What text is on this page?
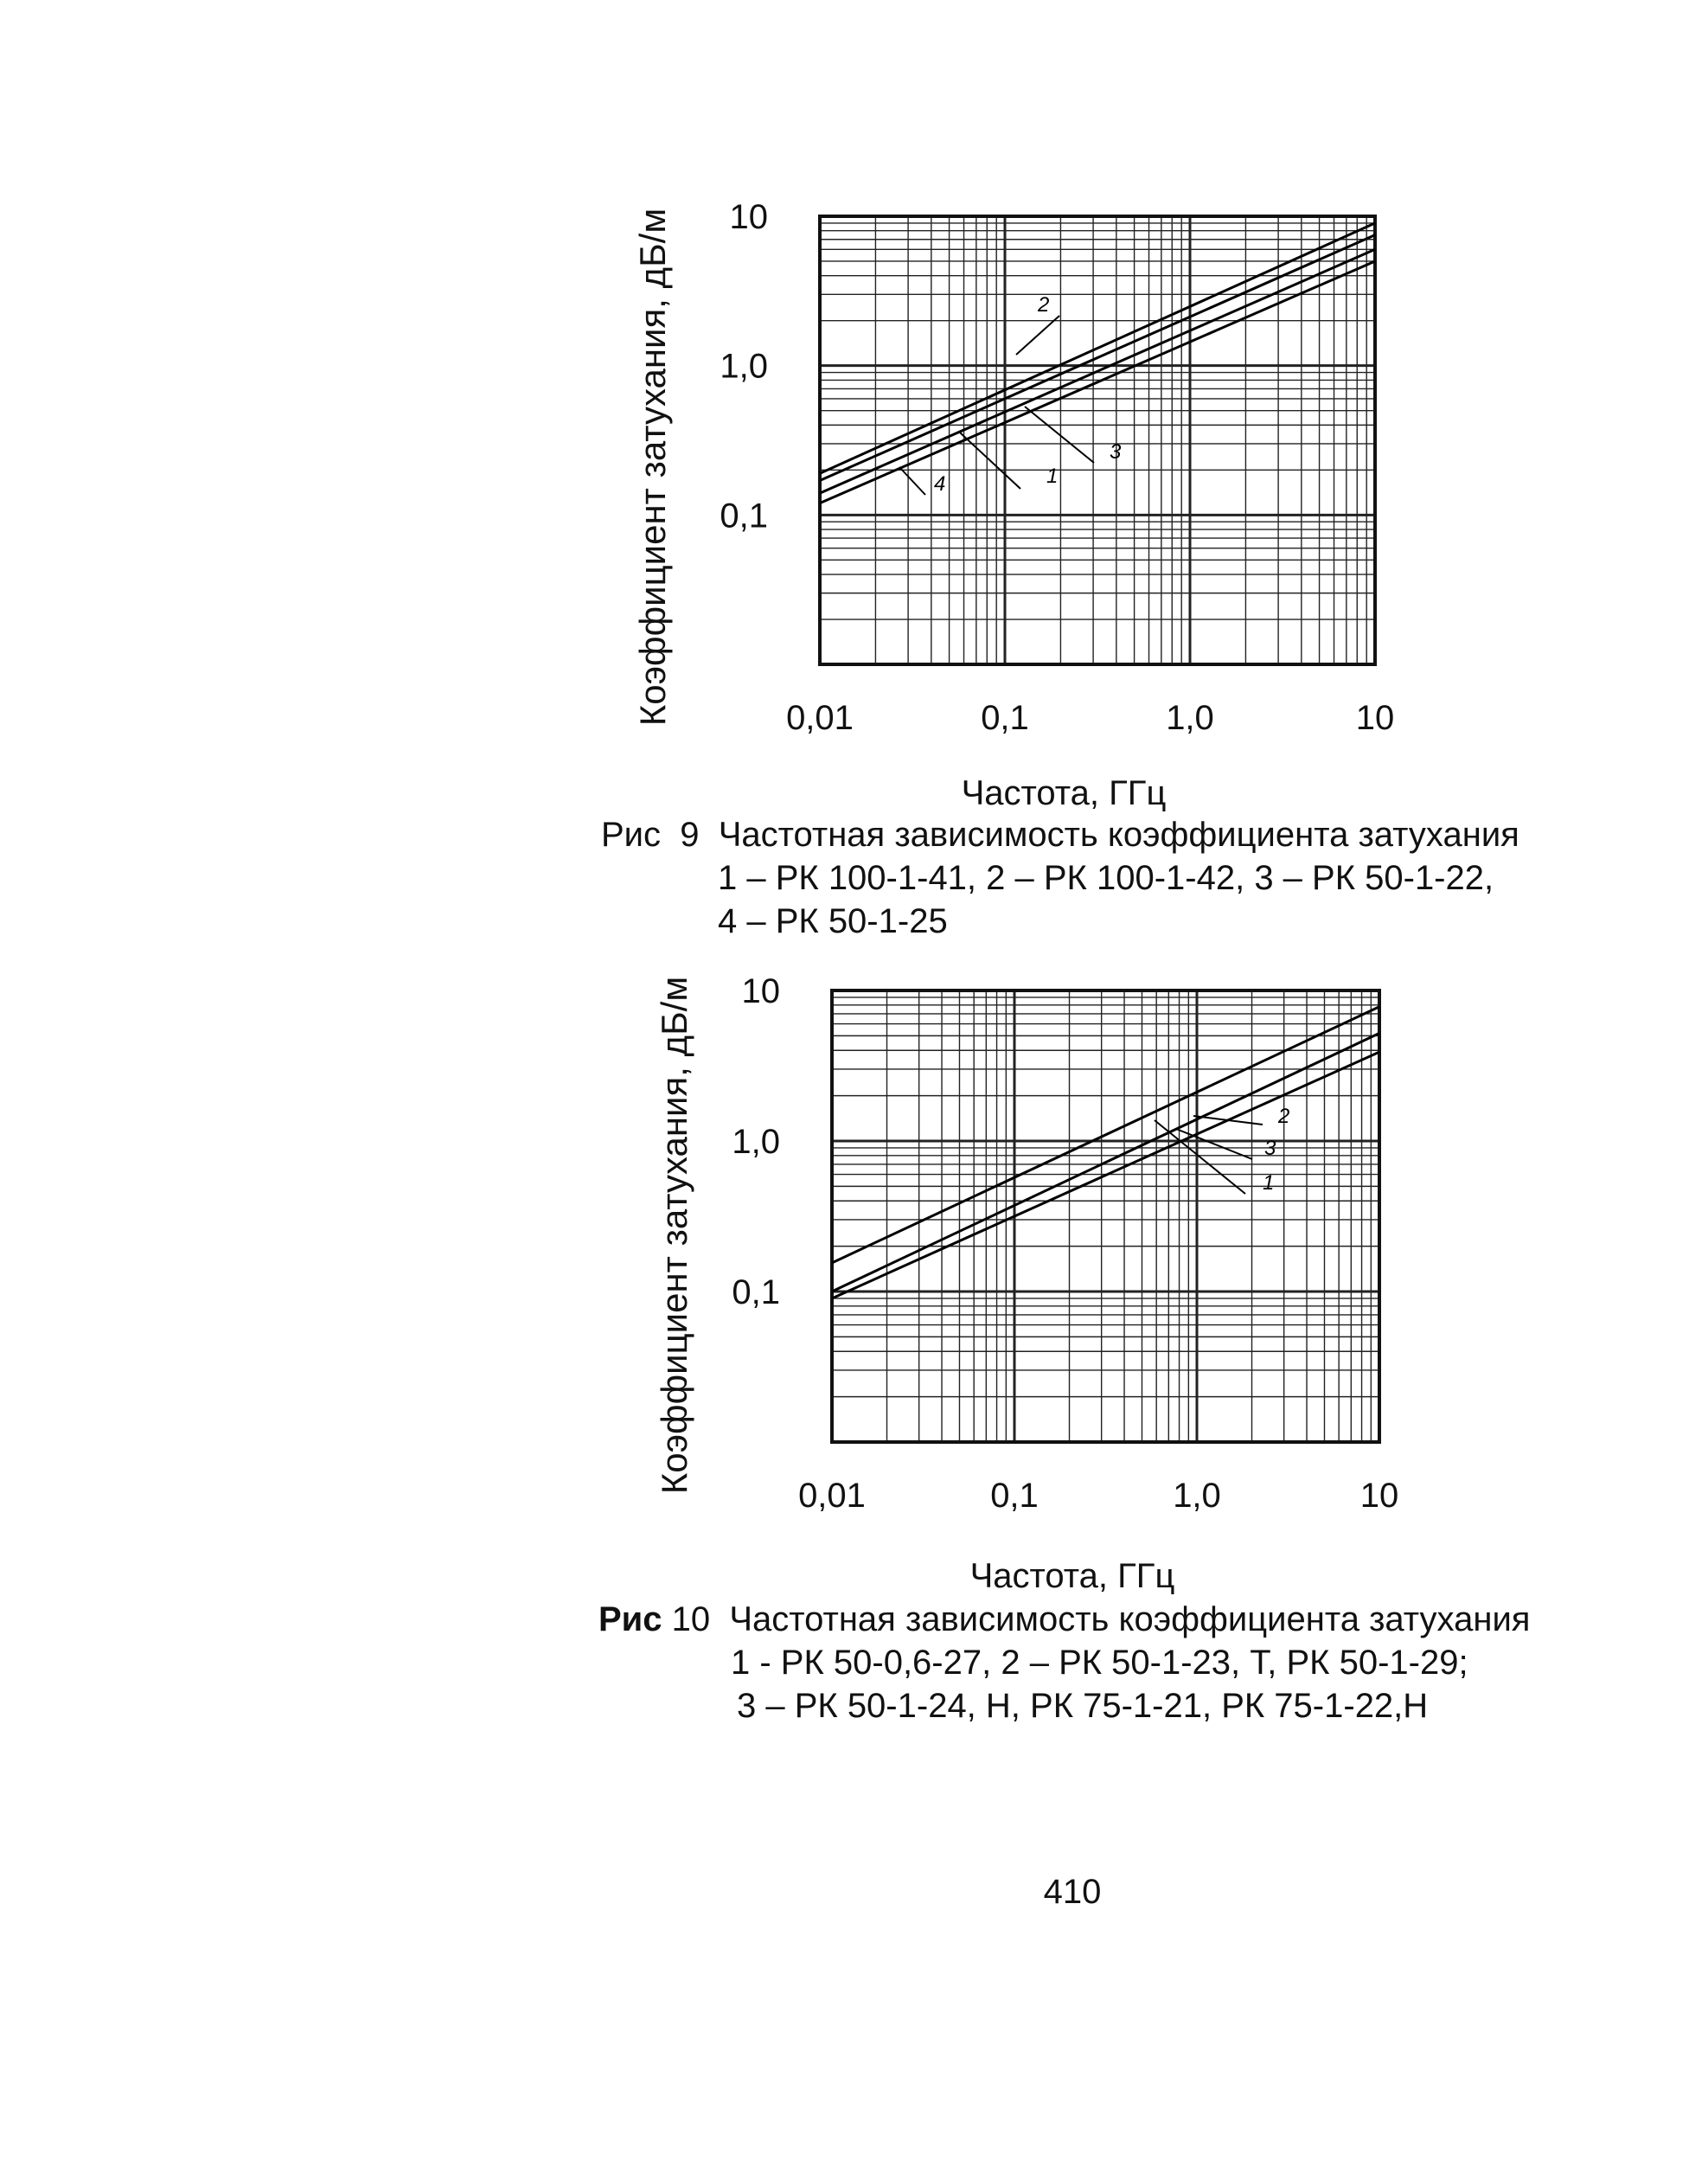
0,01	0,1	1,0	10
10
1,0
0,1
1
2
3
4
0,01	0,1	1,0	10
10
1,0
0,1
1
2
3
Коэффициент затухания, дБ/м
Частота, ГГц
Рис 9 Частотная зависимость коэффициента затухания
1 – РК 100-1-41, 2 – РК 100-1-42, 3 – РК 50-1-22,
4 – РК 50-1-25
Коэффициент затухания, дБ/м
Частота, ГГц
Рис 10 Частотная зависимость коэффициента затухания
1 - РК 50-0,6-27, 2 – РК 50-1-23, Т, РК 50-1-29;
3 – РК 50-1-24, Н, РК 75-1-21, РК 75-1-22,Н
410
